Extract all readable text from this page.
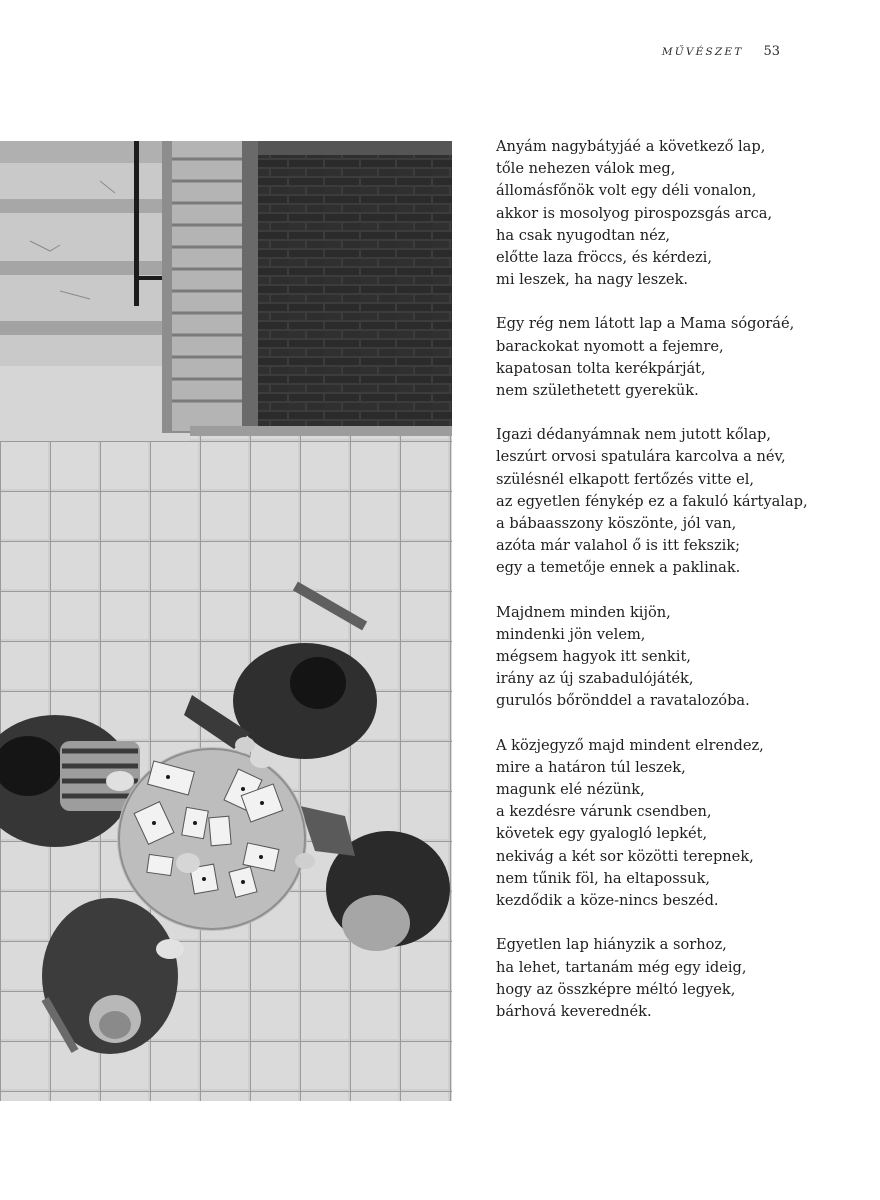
MŰVÉSZET 53
Anyám nagybátyjáé a következő lap,
tőle nehezen válok meg,
állomásfőnök volt egy déli vonalon,
akkor is mosolyog pirospozsgás arca,
ha csak nyugodtan néz,
előtte laza fröccs, és kérdezi,
mi leszek, ha nagy leszek.
Egy rég nem látott lap a Mama sógoráé,
barackokat nyomott a fejemre,
kapatosan tolta kerékpárját,
nem születhetett gyerekük.
Igazi dédanyámnak nem jutott kőlap,
leszúrt orvosi spatulára karcolva a név,
szülésnél elkapott fertőzés vitte el,
az egyetlen fénykép ez a fakuló kártyalap,
a bábaasszony köszönte, jól van,
azóta már valahol ő is itt fekszik;
egy a temetője ennek a paklinak.
Majdnem minden kijön,
mindenki jön velem,
mégsem hagyok itt senkit,
irány az új szabadulójáték,
gurulós bőrönddel a ravatalozóba.
A közjegyző majd mindent elrendez,
mire a határon túl leszek,
magunk elé nézünk,
a kezdésre várunk csendben,
követek egy gyalogló lepkét,
nekivág a két sor közötti terepnek,
nem tűnik föl, ha eltapossuk,
kezdődik a köze-nincs beszéd.
Egyetlen lap hiányzik a sorhoz,
ha lehet, tartanám még egy ideig,
hogy az összképre méltó legyek,
bárhová keverednék.
